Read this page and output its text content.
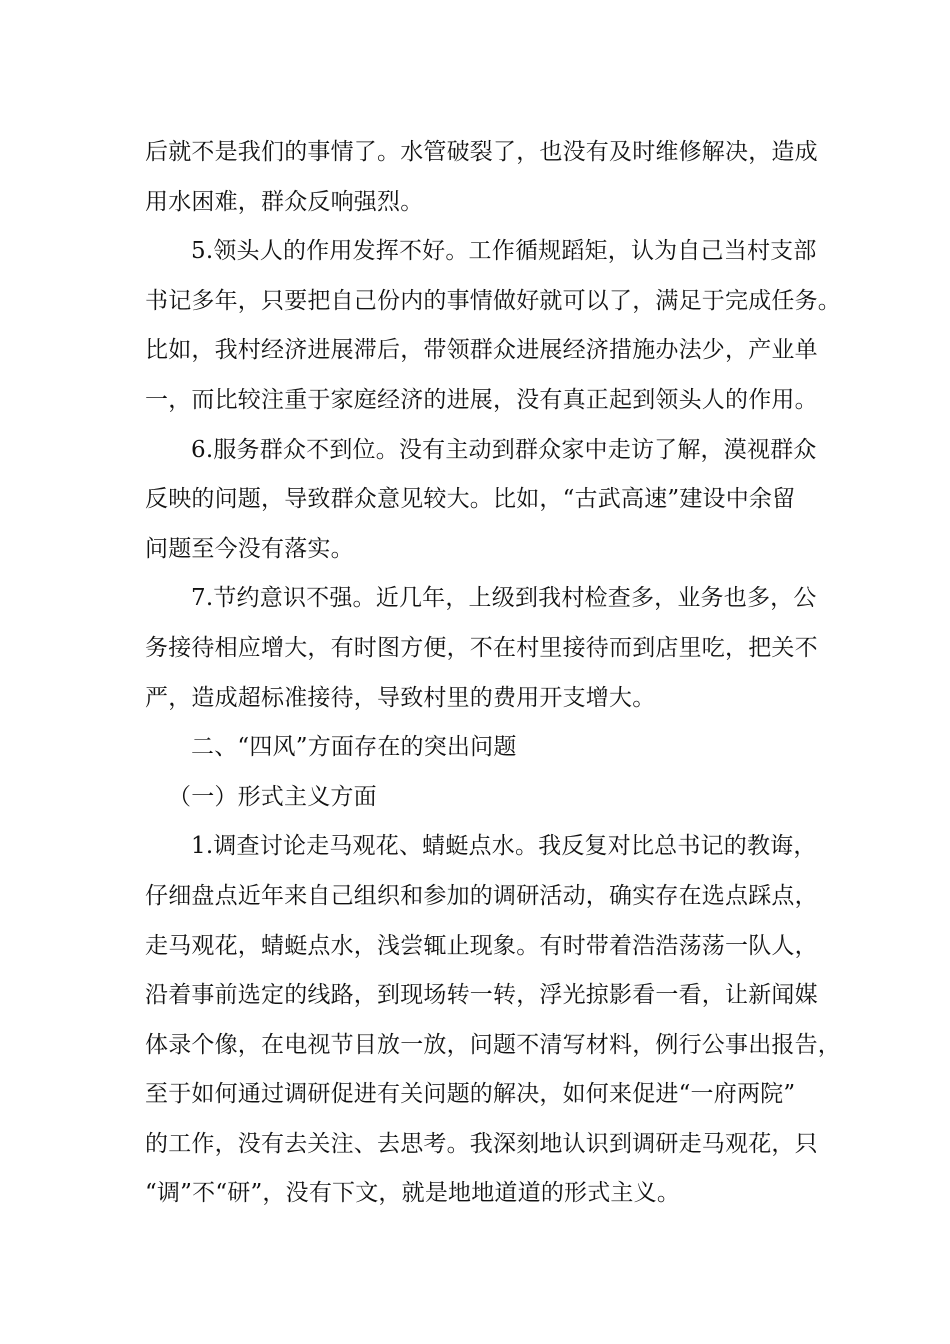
后就不是我们的事情了。水管破裂了，也没有及时维修解决，造成
用水困难，群众反响强烈。
5.领头人的作用发挥不好。工作循规蹈矩，认为自己当村支部
书记多年，只要把自己份内的事情做好就可以了，满足于完成任务。
比如，我村经济进展滞后，带领群众进展经济措施办法少，产业单
一，而比较注重于家庭经济的进展，没有真正起到领头人的作用。
6.服务群众不到位。没有主动到群众家中走访了解，漠视群众
反映的问题，导致群众意见较大。比如，“古武高速”建设中余留
问题至今没有落实。
7.节约意识不强。近几年，上级到我村检查多，业务也多，公
务接待相应增大，有时图方便，不在村里接待而到店里吃，把关不
严，造成超标准接待，导致村里的费用开支增大。
二、“四风”方面存在的突出问题
（一）形式主义方面
1.调查讨论走马观花、蜻蜓点水。我反复对比总书记的教诲，
仔细盘点近年来自己组织和参加的调研活动，确实存在选点踩点，
走马观花，蜻蜓点水，浅尝辄止现象。有时带着浩浩荡荡一队人，
沿着事前选定的线路，到现场转一转，浮光掠影看一看，让新闻媒
体录个像，在电视节目放一放，问题不清写材料，例行公事出报告，
至于如何通过调研促进有关问题的解决，如何来促进“一府两院”
的工作，没有去关注、去思考。我深刻地认识到调研走马观花，只
“调”不“研”，没有下文，就是地地道道的形式主义。
